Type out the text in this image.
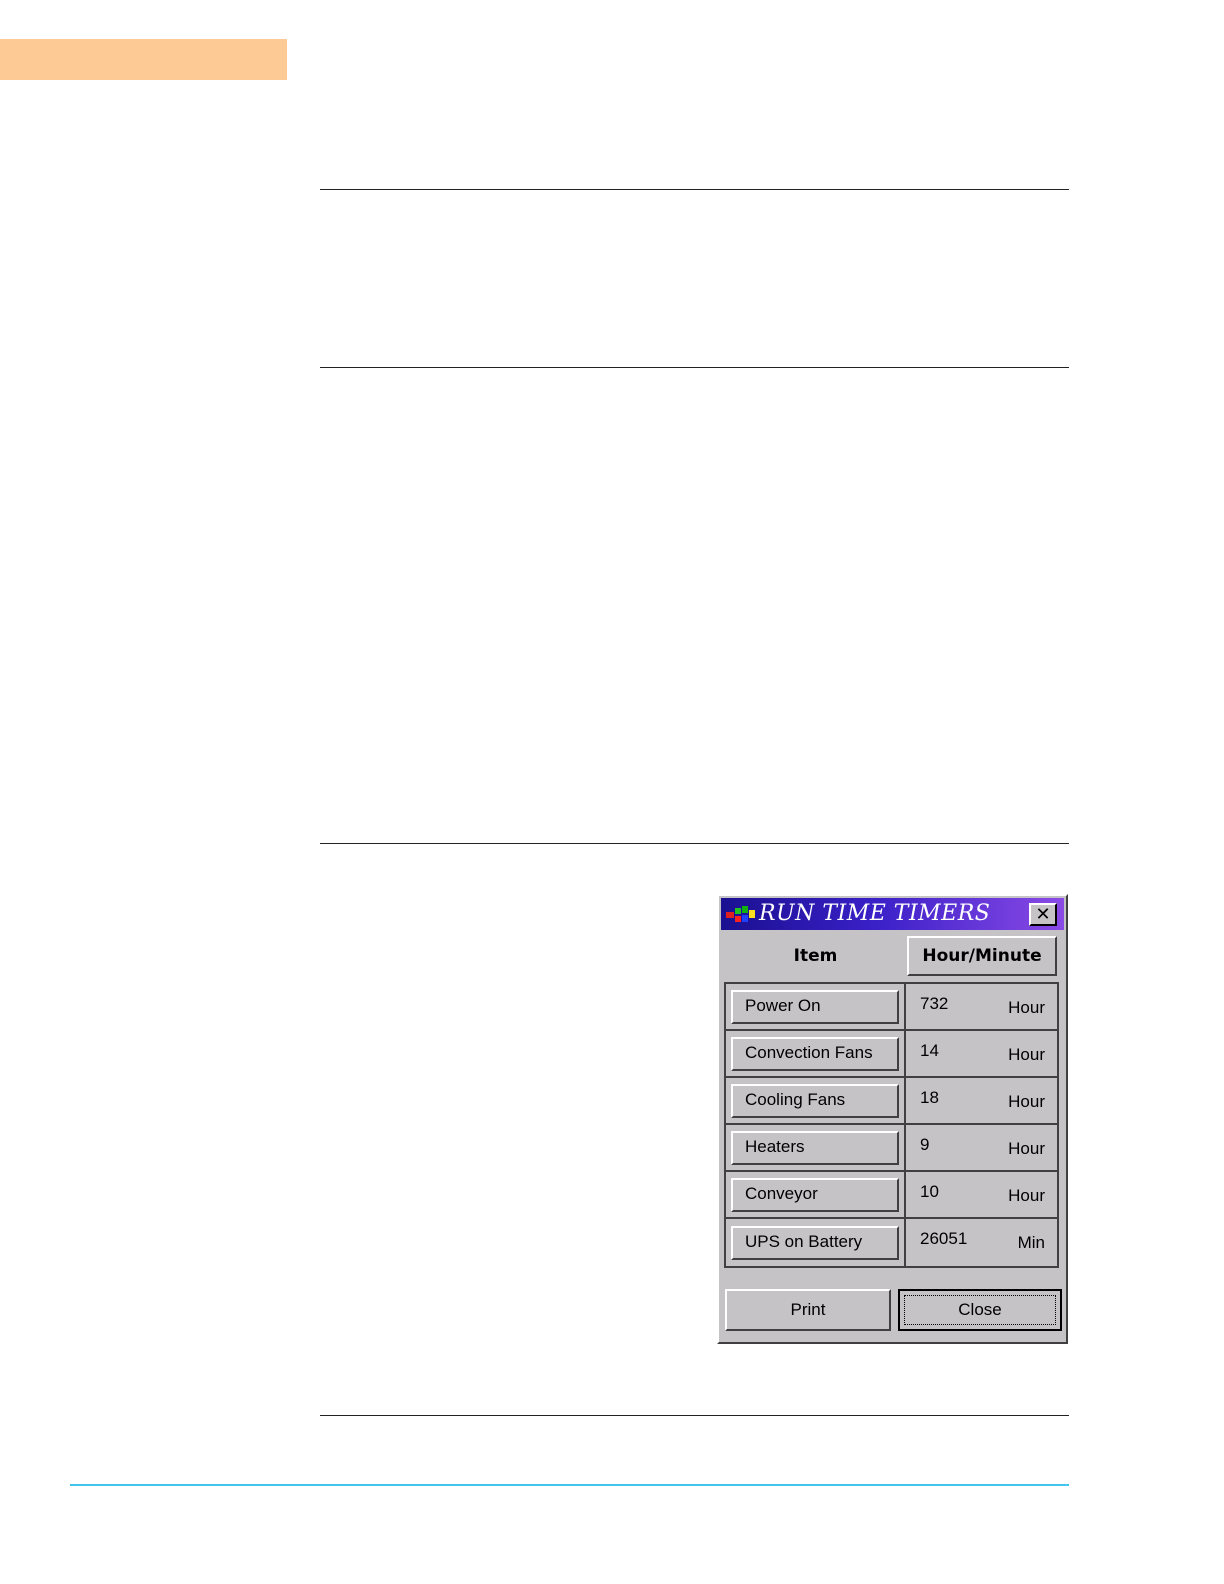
RUN TIME TIMERS	✕
Item	Hour/Minute
Power On	732	Hour
Convection Fans	14	Hour
Cooling Fans	18	Hour
Heaters	9	Hour
Conveyor	10	Hour
UPS on Battery	26051	Min
Print	Close
